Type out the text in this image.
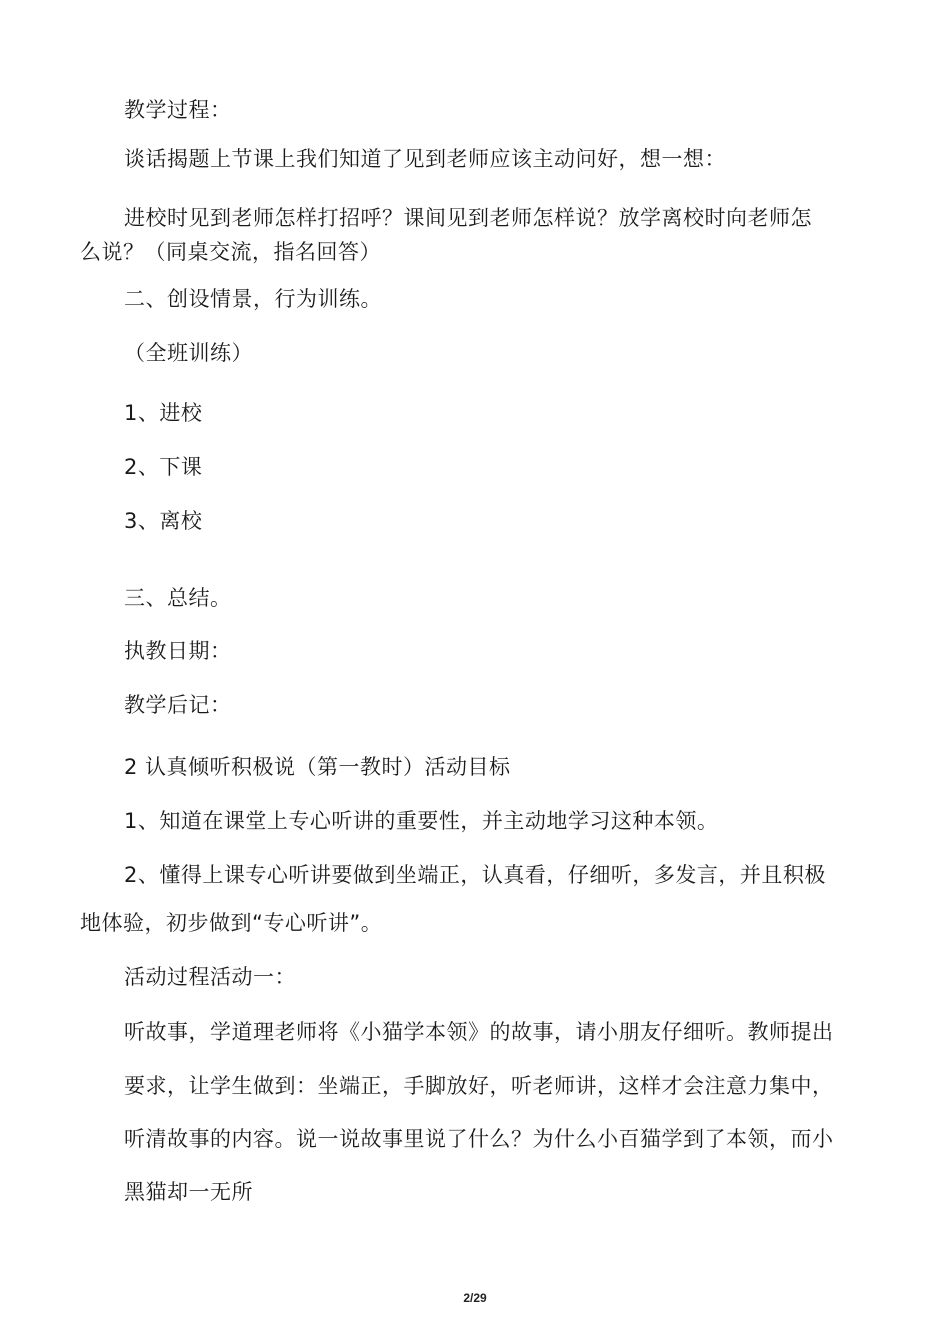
教学过程：
谈话揭题上节课上我们知道了见到老师应该主动问好，想一想：
进校时见到老师怎样打招呼？课间见到老师怎样说？放学离校时向老师怎
么说？（同桌交流，指名回答）
二、创设情景，行为训练。
（全班训练）
1、进校
2、下课
3、离校
三、总结。
执教日期：
教学后记：
2 认真倾听积极说（第一教时）活动目标
1、知道在课堂上专心听讲的重要性，并主动地学习这种本领。
2、懂得上课专心听讲要做到坐端正，认真看，仔细听，多发言，并且积极
地体验，初步做到“专心听讲”。
活动过程活动一：
听故事，学道理老师将《小猫学本领》的故事，请小朋友仔细听。教师提出
要求，让学生做到：坐端正，手脚放好，听老师讲，这样才会注意力集中，
听清故事的内容。说一说故事里说了什么？为什么小百猫学到了本领，而小
黑猫却一无所
2/29
